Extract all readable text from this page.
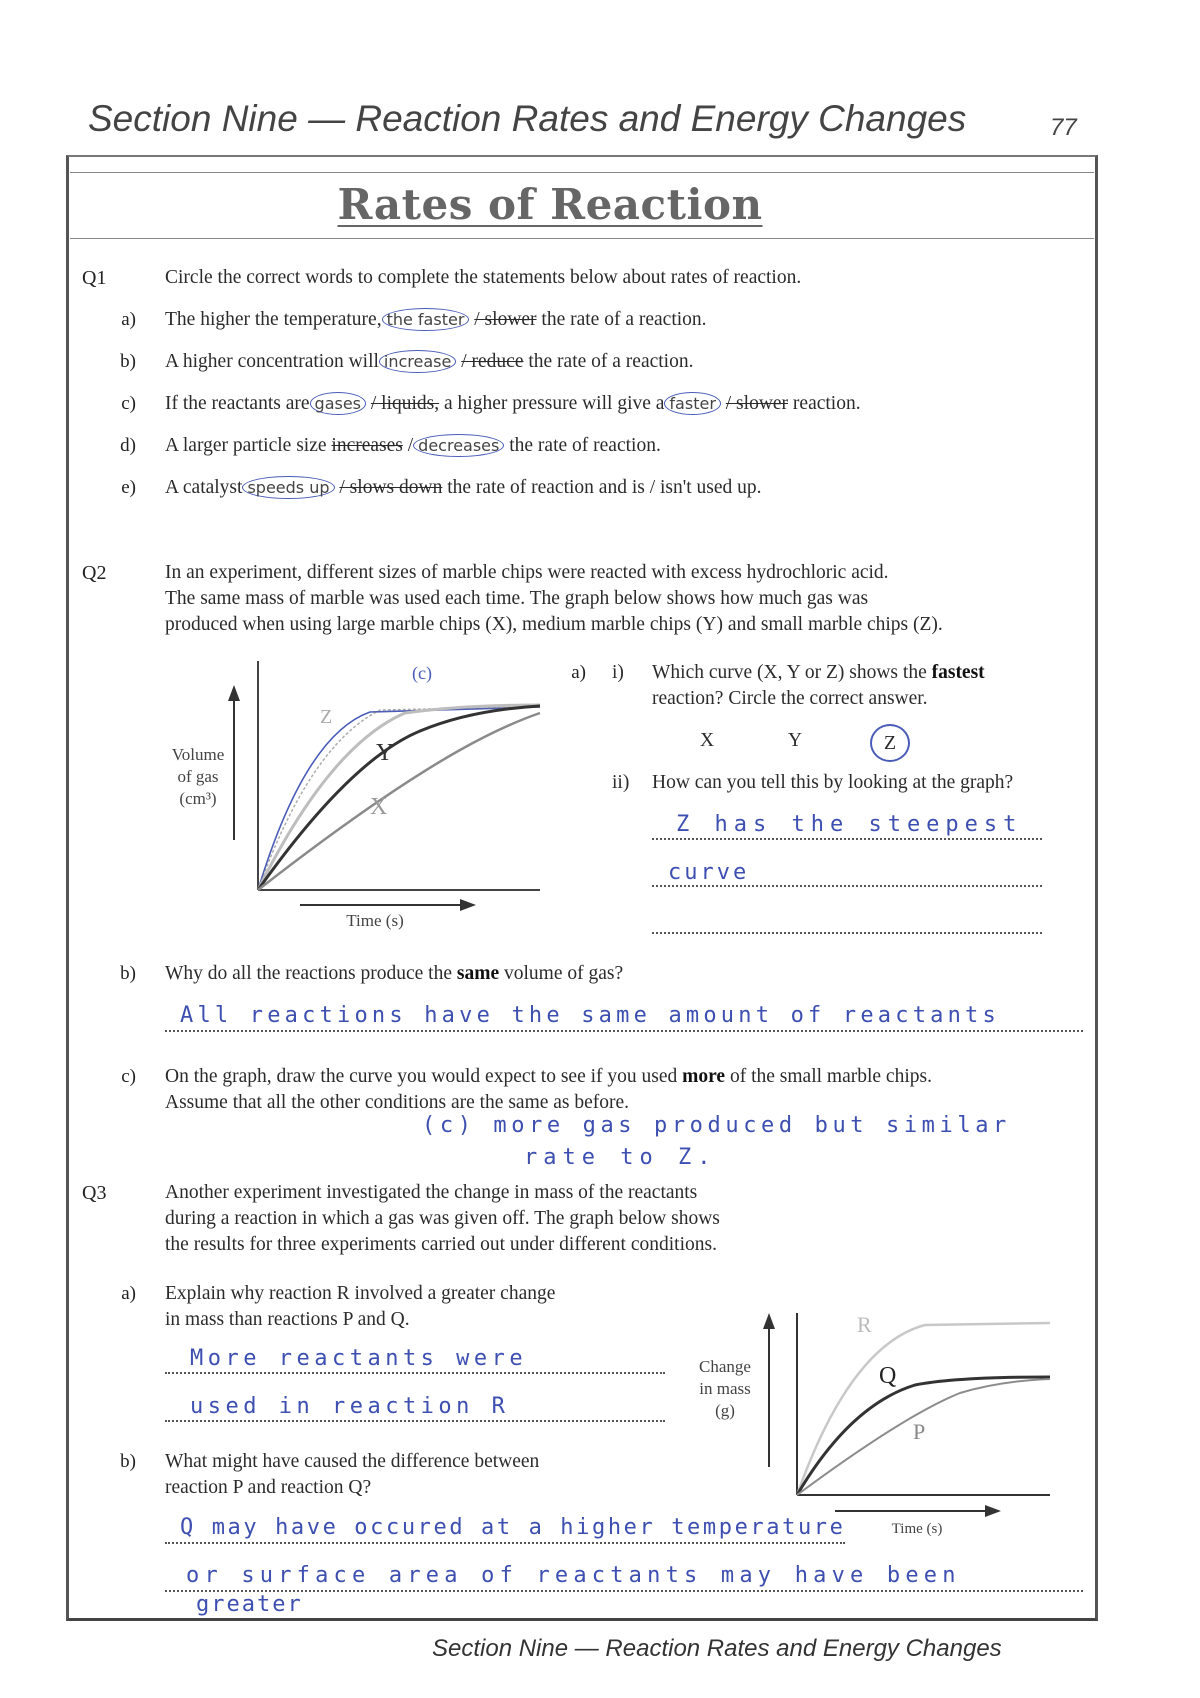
Section Nine — Reaction Rates and Energy Changes	77
Rates of Reaction
Q1	Circle the correct words to complete the statements below about rates of reaction.
a) The higher the temperature, the faster / slower the rate of a reaction.
b) A higher concentration will increase / reduce the rate of a reaction.
c) If the reactants are gases / liquids, a higher pressure will give a faster / slower reaction.
d) A larger particle size increases / decreases the rate of reaction.
e) A catalyst speeds up / slows down the rate of reaction and is / isn't used up.
Q2	In an experiment, different sizes of marble chips were reacted with excess hydrochloric acid.
The same mass of marble was used each time. The graph below shows how much gas was
produced when using large marble chips (X), medium marble chips (Y) and small marble chips (Z).
Volume
of gas
(cm³)
Z
Y
X
(c)
Time (s)
a) i) Which curve (X, Y or Z) shows the fastest
reaction? Circle the correct answer.
X	Y	Z
ii) How can you tell this by looking at the graph?
Z has the steepest
curve
b) Why do all the reactions produce the same volume of gas?
All reactions have the same amount of reactants
c) On the graph, draw the curve you would expect to see if you used more of the small marble chips.
Assume that all the other conditions are the same as before.
(c) more gas produced but similar
rate to Z.
Q3	Another experiment investigated the change in mass of the reactants
during a reaction in which a gas was given off. The graph below shows
the results for three experiments carried out under different conditions.
a) Explain why reaction R involved a greater change
in mass than reactions P and Q.
More reactants were
used in reaction R
Change
in mass
(g)
R
Q
P
Time (s)
b) What might have caused the difference between
reaction P and reaction Q?
Q may have occured at a higher temperature
or surface area of reactants may have been
greater
Section Nine — Reaction Rates and Energy Changes
